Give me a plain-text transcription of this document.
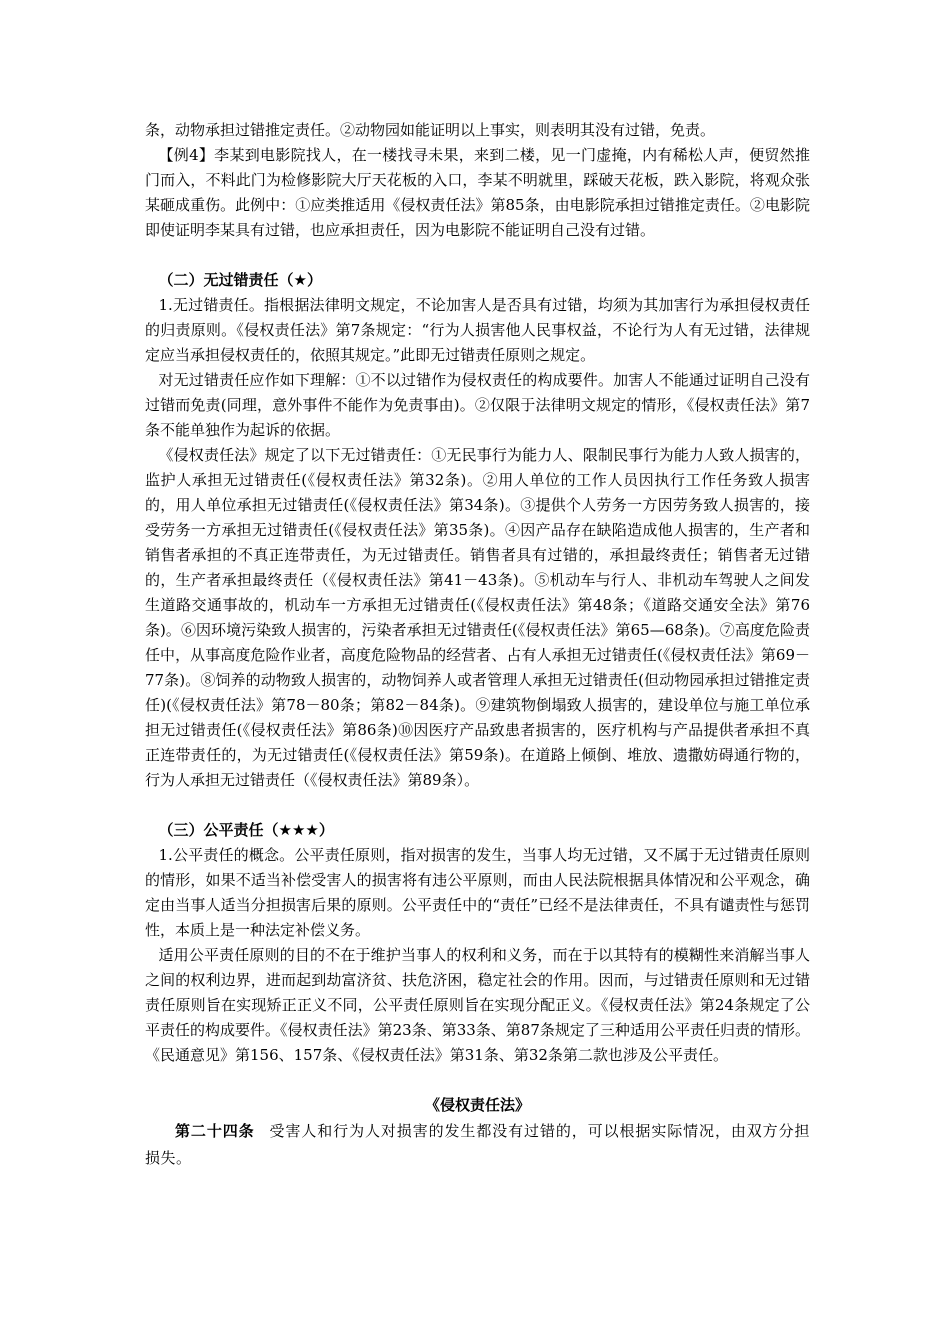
条，动物承担过错推定责任。②动物园如能证明以上事实，则表明其没有过错，免责。

【例4】李某到电影院找人，在一楼找寻未果，来到二楼，见一门虚掩，内有稀松人声，便贸然推门而入，不料此门为检修影院大厅天花板的入口，李某不明就里，踩破天花板，跌入影院，将观众张某砸成重伤。此例中：①应类推适用《侵权责任法》第85条，由电影院承担过错推定责任。②电影院即使证明李某具有过错，也应承担责任，因为电影院不能证明自己没有过错。

（二）无过错责任（★）

1.无过错责任。指根据法律明文规定，不论加害人是否具有过错，均须为其加害行为承担侵权责任的归责原则。《侵权责任法》第7条规定：“行为人损害他人民事权益，不论行为人有无过错，法律规定应当承担侵权责任的，依照其规定。”此即无过错责任原则之规定。

对无过错责任应作如下理解：①不以过错作为侵权责任的构成要件。加害人不能通过证明自己没有过错而免责(同理，意外事件不能作为免责事由)。②仅限于法律明文规定的情形，《侵权责任法》第7条不能单独作为起诉的依据。

《侵权责任法》规定了以下无过错责任：①无民事行为能力人、限制民事行为能力人致人损害的，监护人承担无过错责任(《侵权责任法》第32条)。②用人单位的工作人员因执行工作任务致人损害的，用人单位承担无过错责任(《侵权责任法》第34条)。③提供个人劳务一方因劳务致人损害的，接受劳务一方承担无过错责任(《侵权责任法》第35条)。④因产品存在缺陷造成他人损害的，生产者和销售者承担的不真正连带责任，为无过错责任。销售者具有过错的，承担最终责任；销售者无过错的，生产者承担最终责任（《侵权责任法》第41－43条)。⑤机动车与行人、非机动车驾驶人之间发生道路交通事故的，机动车一方承担无过错责任(《侵权责任法》第48条；《道路交通安全法》第76条)。⑥因环境污染致人损害的，污染者承担无过错责任(《侵权责任法》第65—68条)。⑦高度危险责任中，从事高度危险作业者，高度危险物品的经营者、占有人承担无过错责任(《侵权责任法》第69－77条)。⑧饲养的动物致人损害的，动物饲养人或者管理人承担无过错责任(但动物园承担过错推定责任)(《侵权责任法》第78－80条；第82－84条)。⑨建筑物倒塌致人损害的，建设单位与施工单位承担无过错责任(《侵权责任法》第86条)⑩因医疗产品致患者损害的，医疗机构与产品提供者承担不真正连带责任的，为无过错责任(《侵权责任法》第59条)。在道路上倾倒、堆放、遗撒妨碍通行物的，行为人承担无过错责任（《侵权责任法》第89条）。

（三）公平责任（★★★）

1.公平责任的概念。公平责任原则，指对损害的发生，当事人均无过错，又不属于无过错责任原则的情形，如果不适当补偿受害人的损害将有违公平原则，而由人民法院根据具体情况和公平观念，确定由当事人适当分担损害后果的原则。公平责任中的“责任”已经不是法律责任，不具有谴责性与惩罚性，本质上是一种法定补偿义务。

适用公平责任原则的目的不在于维护当事人的权利和义务，而在于以其特有的模糊性来消解当事人之间的权利边界，进而起到劫富济贫、扶危济困，稳定社会的作用。因而，与过错责任原则和无过错责任原则旨在实现矫正正义不同，公平责任原则旨在实现分配正义。《侵权责任法》第24条规定了公平责任的构成要件。《侵权责任法》第23条、第33条、第87条规定了三种适用公平责任归责的情形。《民通意见》第156、157条、《侵权责任法》第31条、第32条第二款也涉及公平责任。

《侵权责任法》

第二十四条 受害人和行为人对损害的发生都没有过错的，可以根据实际情况，由双方分担损失。
